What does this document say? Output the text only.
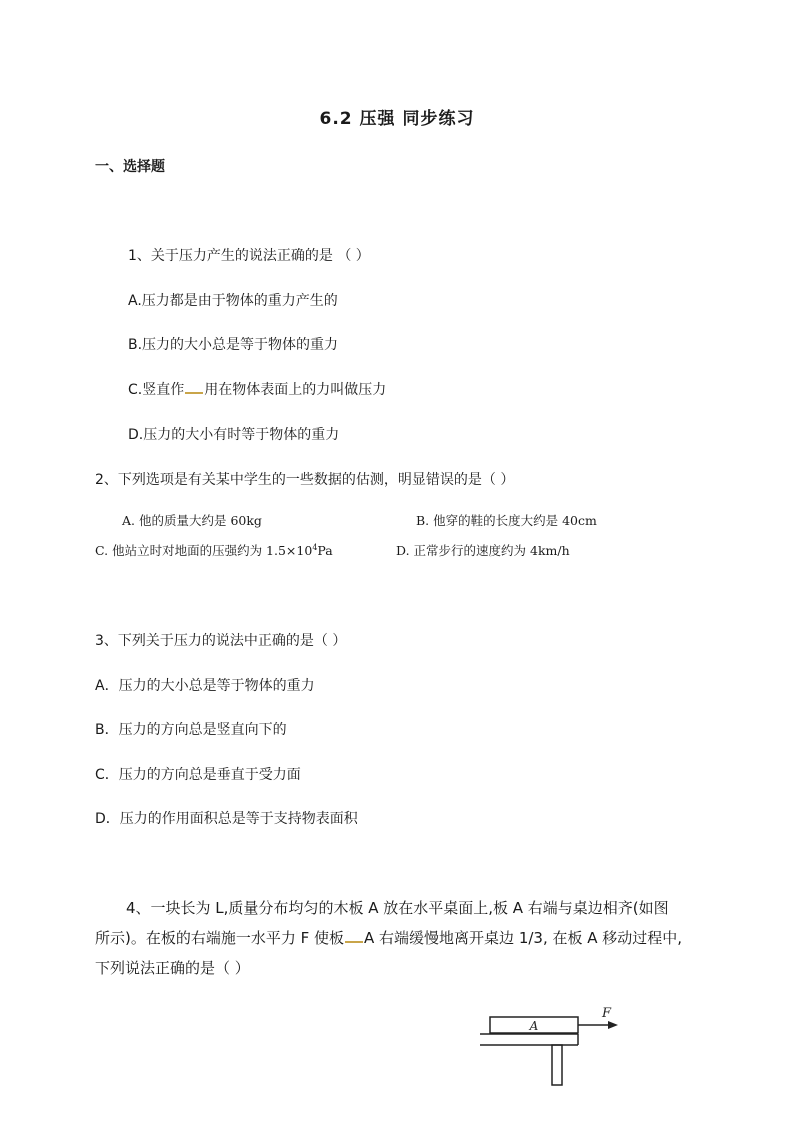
6.2 压强 同步练习
一、选择题
1、关于压力产生的说法正确的是 （ ）
A.压力都是由于物体的重力产生的
B.压力的大小总是等于物体的重力
C.竖直作 用在物体表面上的力叫做压力
D.压力的大小有时等于物体的重力
2、下列选项是有关某中学生的一些数据的估测，明显错误的是（ ）
A. 他的质量大约是 60kg	B. 他穿的鞋的长度大约是 40cm
C. 他站立时对地面的压强约为 $1.5\times 10^4Pa$	D. 正常步行的速度约为 4km/h
3、下列关于压力的说法中正确的是（ ）
A．压力的大小总是等于物体的重力
B．压力的方向总是竖直向下的
C．压力的方向总是垂直于受力面
D．压力的作用面积总是等于支持物表面积
4、一块长为 L,质量分布均匀的木板 A 放在水平桌面上,板 A 右端与桌边相齐(如图
所示)。在板的右端施一水平力 F 使板 A 右端缓慢地离开桌边 1/3, 在板 A 移动过程中,
下列说法正确的是（ ）
A
F
